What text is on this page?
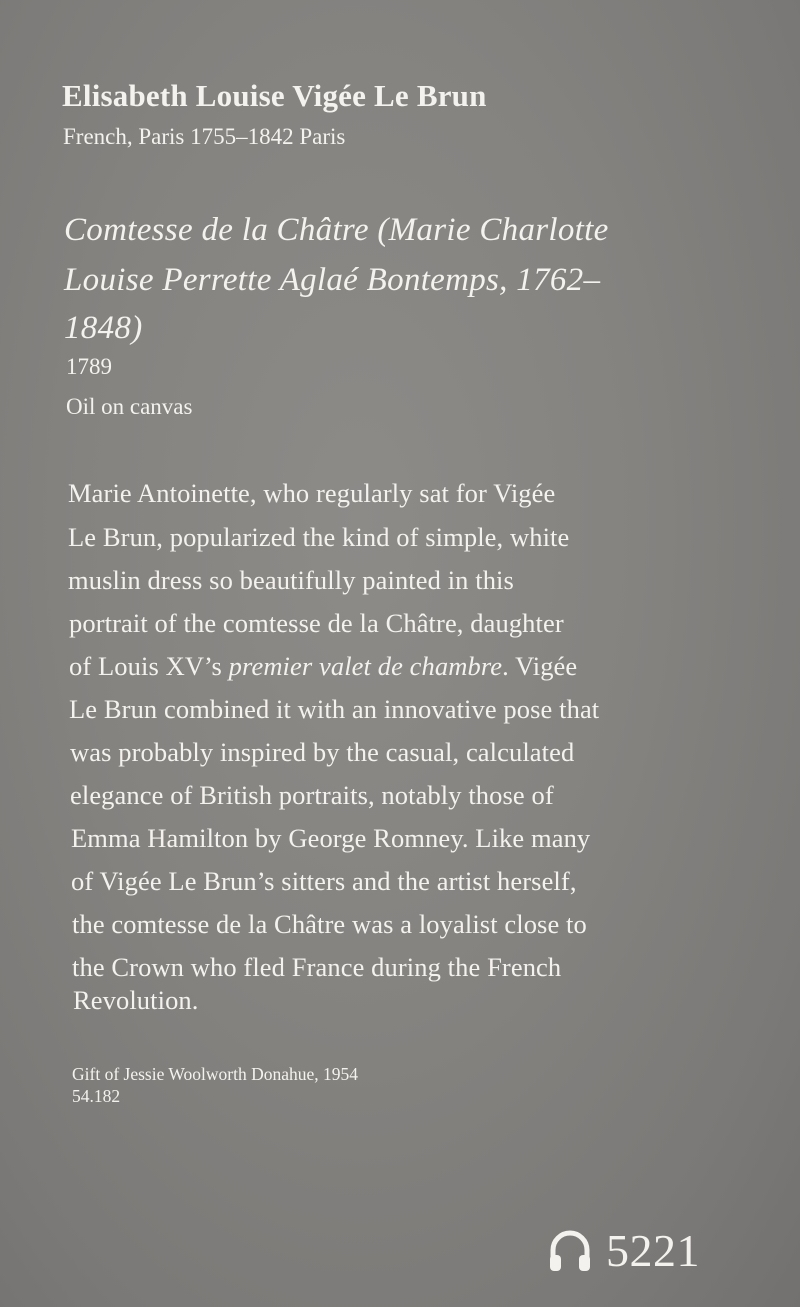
Elisabeth Louise Vigée Le Brun
French, Paris 1755–1842 Paris
Comtesse de la Châtre (Marie Charlotte
Louise Perrette Aglaé Bontemps, 1762–
1848)
1789
Oil on canvas
Marie Antoinette, who regularly sat for Vigée
Le Brun, popularized the kind of simple, white
muslin dress so beautifully painted in this
portrait of the comtesse de la Châtre, daughter
of Louis XV’s premier valet de chambre. Vigée
Le Brun combined it with an innovative pose that
was probably inspired by the casual, calculated
elegance of British portraits, notably those of
Emma Hamilton by George Romney. Like many
of Vigée Le Brun’s sitters and the artist herself,
the comtesse de la Châtre was a loyalist close to
the Crown who fled France during the French
Revolution.
Gift of Jessie Woolworth Donahue, 1954
54.182
5221
